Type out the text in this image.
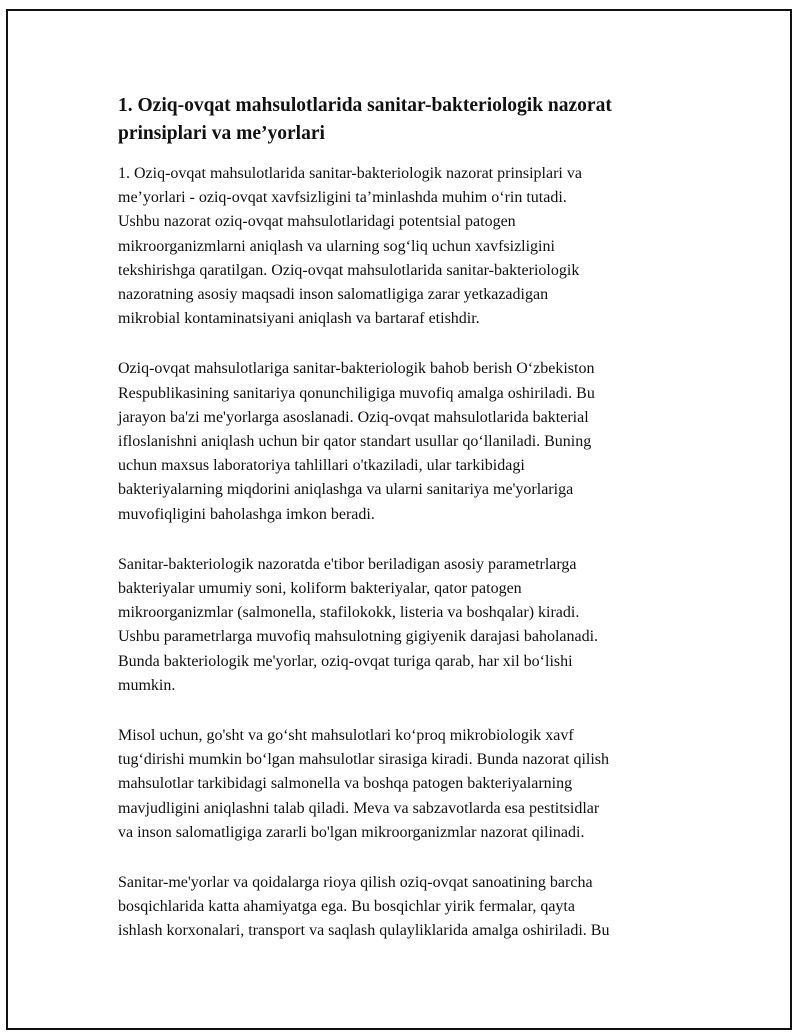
1. Oziq-ovqat mahsulotlarida sanitar-bakteriologik nazorat
prinsiplari va me’yorlari

1. Oziq-ovqat mahsulotlarida sanitar-bakteriologik nazorat prinsiplari va
me’yorlari - oziq-ovqat xavfsizligini ta’minlashda muhim o‘rin tutadi.
Ushbu nazorat oziq-ovqat mahsulotlaridagi potentsial patogen
mikroorganizmlarni aniqlash va ularning sog‘liq uchun xavfsizligini
tekshirishga qaratilgan. Oziq-ovqat mahsulotlarida sanitar-bakteriologik
nazoratning asosiy maqsadi inson salomatligiga zarar yetkazadigan
mikrobial kontaminatsiyani aniqlash va bartaraf etishdir.

Oziq-ovqat mahsulotlariga sanitar-bakteriologik bahob berish O‘zbekiston
Respublikasining sanitariya qonunchiligiga muvofiq amalga oshiriladi. Bu
jarayon ba'zi me'yorlarga asoslanadi. Oziq-ovqat mahsulotlarida bakterial
ifloslanishni aniqlash uchun bir qator standart usullar qo‘llaniladi. Buning
uchun maxsus laboratoriya tahlillari o'tkaziladi, ular tarkibidagi
bakteriyalarning miqdorini aniqlashga va ularni sanitariya me'yorlariga
muvofiqligini baholashga imkon beradi.

Sanitar-bakteriologik nazoratda e'tibor beriladigan asosiy parametrlarga
bakteriyalar umumiy soni, koliform bakteriyalar, qator patogen
mikroorganizmlar (salmonella, stafilokokk, listeria va boshqalar) kiradi.
Ushbu parametrlarga muvofiq mahsulotning gigiyenik darajasi baholanadi.
Bunda bakteriologik me'yorlar, oziq-ovqat turiga qarab, har xil bo‘lishi
mumkin.

Misol uchun, go'sht va go‘sht mahsulotlari ko‘proq mikrobiologik xavf
tug‘dirishi mumkin bo‘lgan mahsulotlar sirasiga kiradi. Bunda nazorat qilish
mahsulotlar tarkibidagi salmonella va boshqa patogen bakteriyalarning
mavjudligini aniqlashni talab qiladi. Meva va sabzavotlarda esa pestitsidlar
va inson salomatligiga zararli bo'lgan mikroorganizmlar nazorat qilinadi.

Sanitar-me'yorlar va qoidalarga rioya qilish oziq-ovqat sanoatining barcha
bosqichlarida katta ahamiyatga ega. Bu bosqichlar yirik fermalar, qayta
ishlash korxonalari, transport va saqlash qulayliklarida amalga oshiriladi. Bu
